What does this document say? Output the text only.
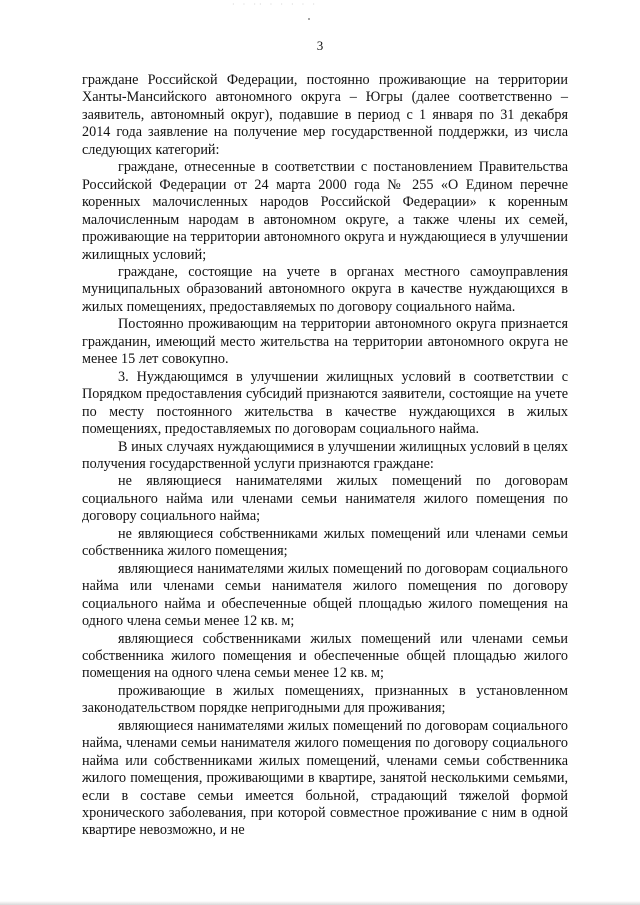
· ·​ ·· · · · · ·
3

граждане Российской Федерации, постоянно проживающие на территории Ханты-Мансийского автономного округа – Югры (далее соответственно – заявитель, автономный округ), подавшие в период с 1 января по 31 декабря 2014 года заявление на получение мер государственной поддержки, из числа следующих категорий:

граждане, отнесенные в соответствии с постановлением Правительства Российской Федерации от 24 марта 2000 года № 255 «О Едином перечне коренных малочисленных народов Российской Федерации» к коренным малочисленным народам в автономном округе, а также члены их семей, проживающие на территории автономного округа и нуждающиеся в улучшении жилищных условий;

граждане, состоящие на учете в органах местного самоуправления муниципальных образований автономного округа в качестве нуждающихся в жилых помещениях, предоставляемых по договору социального найма.

Постоянно проживающим на территории автономного округа признается гражданин, имеющий место жительства на территории автономного округа не менее 15 лет совокупно.

3. Нуждающимся в улучшении жилищных условий в соответствии с Порядком предоставления субсидий признаются заявители, состоящие на учете по месту постоянного жительства в качестве нуждающихся в жилых помещениях, предоставляемых по договорам социального найма.

В иных случаях нуждающимися в улучшении жилищных условий в целях получения государственной услуги признаются граждане:

не являющиеся нанимателями жилых помещений по договорам социального найма или членами семьи нанимателя жилого помещения по договору социального найма;

не являющиеся собственниками жилых помещений или членами семьи собственника жилого помещения;

являющиеся нанимателями жилых помещений по договорам социального найма или членами семьи нанимателя жилого помещения по договору социального найма и обеспеченные общей площадью жилого помещения на одного члена семьи менее 12 кв. м;

являющиеся собственниками жилых помещений или членами семьи собственника жилого помещения и обеспеченные общей площадью жилого помещения на одного члена семьи менее 12 кв. м;

проживающие в жилых помещениях, признанных в установленном законодательством порядке непригодными для проживания;

являющиеся нанимателями жилых помещений по договорам социального найма, членами семьи нанимателя жилого помещения по договору социального найма или собственниками жилых помещений, членами семьи собственника жилого помещения, проживающими в квартире, занятой несколькими семьями, если в составе семьи имеется больной, страдающий тяжелой формой хронического заболевания, при которой совместное проживание с ним в одной квартире невозможно, и не
